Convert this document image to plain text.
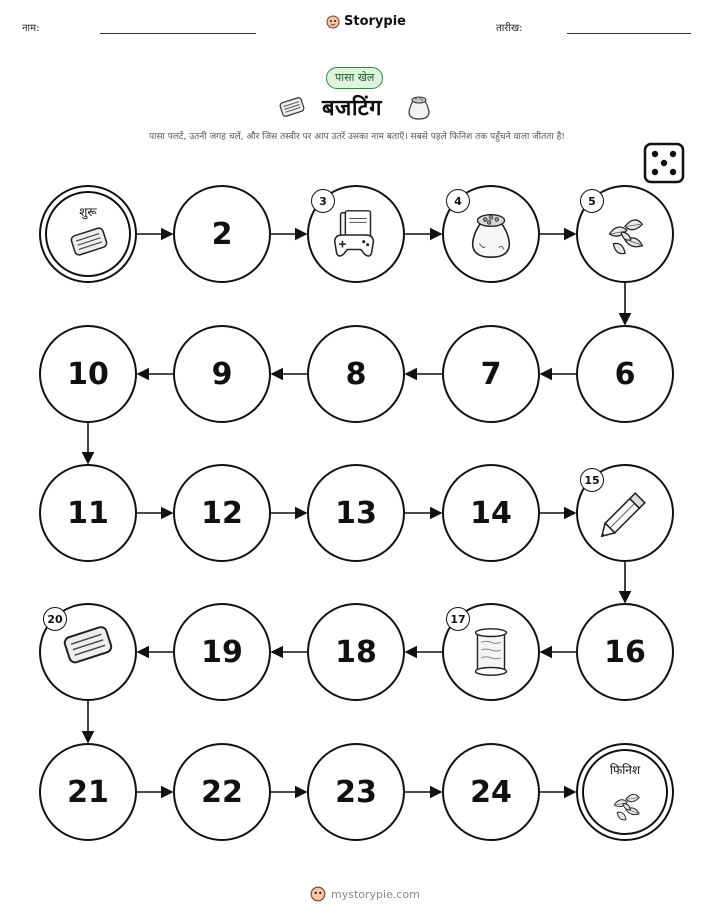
नाम:	Storypie	तारीख:
पासा खेल
बजटिंग
पासा पलटें, उतनी जगह चलें, और जिस तस्वीर पर आप उतरें उसका नाम बताएँ। सबसे पहले फिनिश तक पहुँचने वाला जीतता है!
शुरू
2
3	4	5
6
7
8
9
10
11	12	13	14
15
16
17
18
19
20
21	22	23	24
फिनिश
mystorypie.com
